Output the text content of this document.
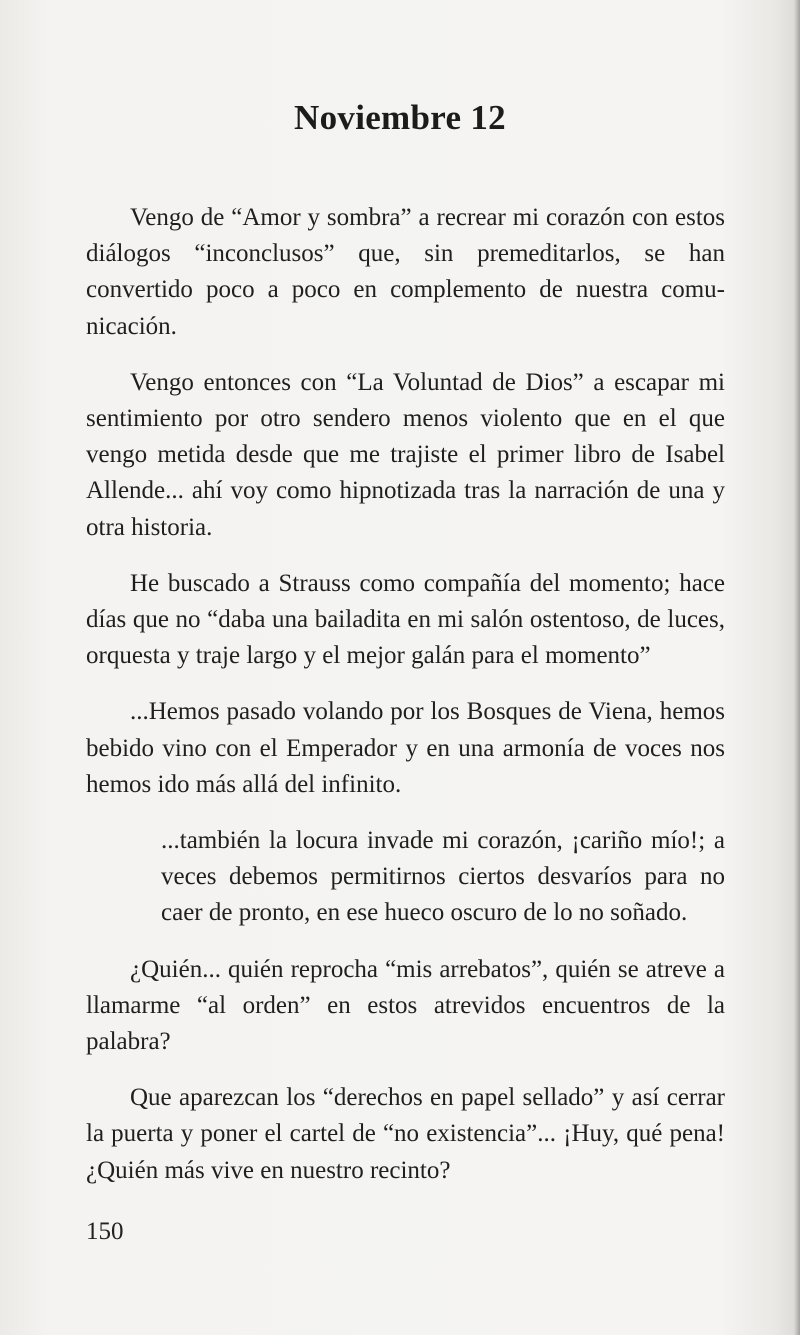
Noviembre 12

Vengo de “Amor y sombra” a recrear mi corazón con estos diálogos “inconclusos” que, sin premeditarlos, se han convertido poco a poco en complemento de nuestra comunicación.

Vengo entonces con “La Voluntad de Dios” a escapar mi sentimiento por otro sendero menos violento que en el que vengo metida desde que me trajiste el primer libro de Isabel Allende... ahí voy como hipnotizada tras la narración de una y otra historia.

He buscado a Strauss como compañía del momento; hace días que no “daba una bailadita en mi salón ostentoso, de luces, orquesta y traje largo y el mejor galán para el momento”

...Hemos pasado volando por los Bosques de Viena, hemos bebido vino con el Emperador y en una armonía de voces nos hemos ido más allá del infinito.

...también la locura invade mi corazón, ¡cariño mío!; a veces debemos permitirnos ciertos desvaríos para no caer de pronto, en ese hueco oscuro de lo no soñado.

¿Quién... quién reprocha “mis arrebatos”, quién se atreve a llamarme “al orden” en estos atrevidos encuentros de la palabra?

Que aparezcan los “derechos en papel sellado” y así cerrar la puerta y poner el cartel de “no existencia”... ¡Huy, qué pena! ¿Quién más vive en nuestro recinto?

150
